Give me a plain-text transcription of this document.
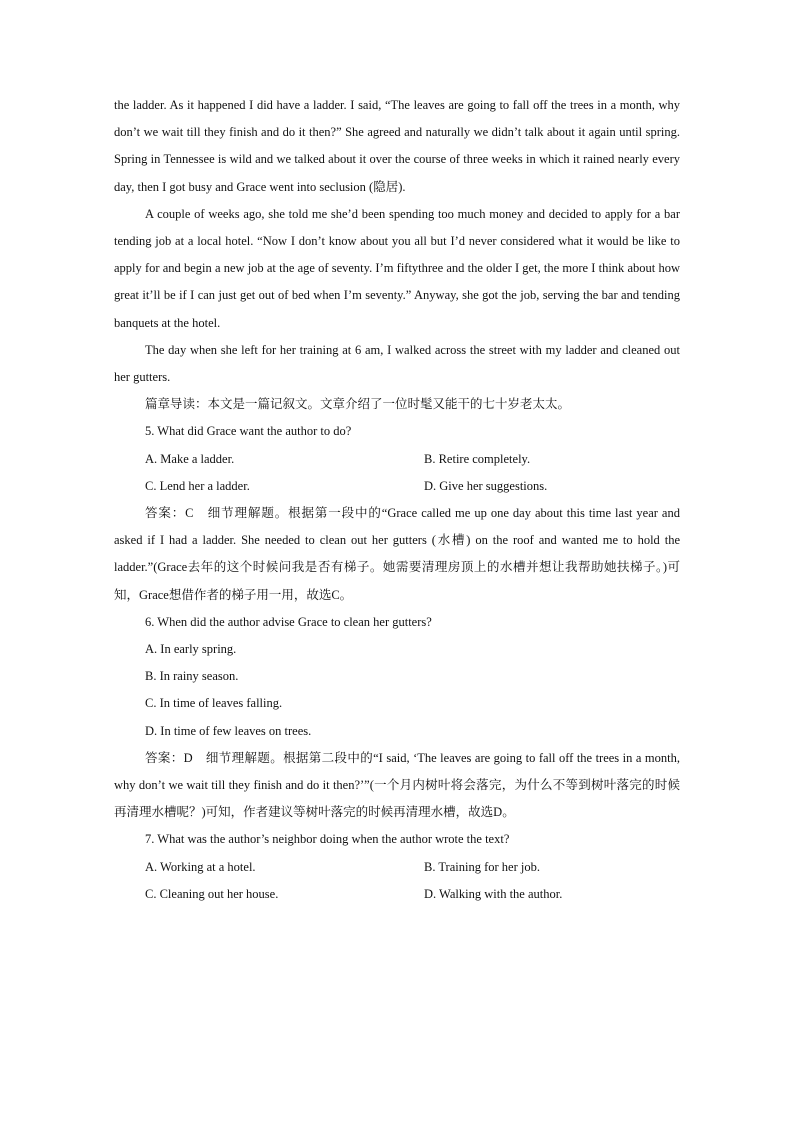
the ladder. As it happened I did have a ladder. I said, “The leaves are going to fall off the trees in a month, why don’t we wait till they finish and do it then?” She agreed and naturally we didn’t talk about it again until spring. Spring in Tennessee is wild and we talked about it over the course of three weeks in which it rained nearly every day, then I got busy and Grace went into seclusion (隐居).

A couple of weeks ago, she told me she’d been spending too much money and decided to apply for a bar tending job at a local hotel. “Now I don’t know about you all but I’d never considered what it would be like to apply for and begin a new job at the age of seventy. I’m fiftythree and the older I get, the more I think about how great it’ll be if I can just get out of bed when I’m seventy.” Anyway, she got the job, serving the bar and tending banquets at the hotel.

The day when she left for her training at 6 am, I walked across the street with my ladder and cleaned out her gutters.

篇章导读：本文是一篇记叙文。文章介绍了一位时髦又能干的七十岁老太太。

5. What did Grace want the author to do?

A. Make a ladder.	B. Retire completely.
C. Lend her a ladder.	D. Give her suggestions.

答案：C　细节理解题。根据第一段中的“Grace called me up one day about this time last year and asked if I had a ladder. She needed to clean out her gutters (水槽) on the roof and wanted me to hold the ladder.”(Grace去年的这个时候问我是否有梯子。她需要清理房顶上的水槽并想让我帮助她扶梯子。)可知，Grace想借作者的梯子用一用，故选C。

6. When did the author advise Grace to clean her gutters?

A. In early spring.

B. In rainy season.

C. In time of leaves falling.

D. In time of few leaves on trees.

答案：D　细节理解题。根据第二段中的“I said, ‘The leaves are going to fall off the trees in a month, why don’t we wait till they finish and do it then?’”(一个月内树叶将会落完，为什么不等到树叶落完的时候再清理水槽呢？)可知，作者建议等树叶落完的时候再清理水槽，故选D。

7. What was the author’s neighbor doing when the author wrote the text?

A. Working at a hotel.	B. Training for her job.
C. Cleaning out her house.	D. Walking with the author.
